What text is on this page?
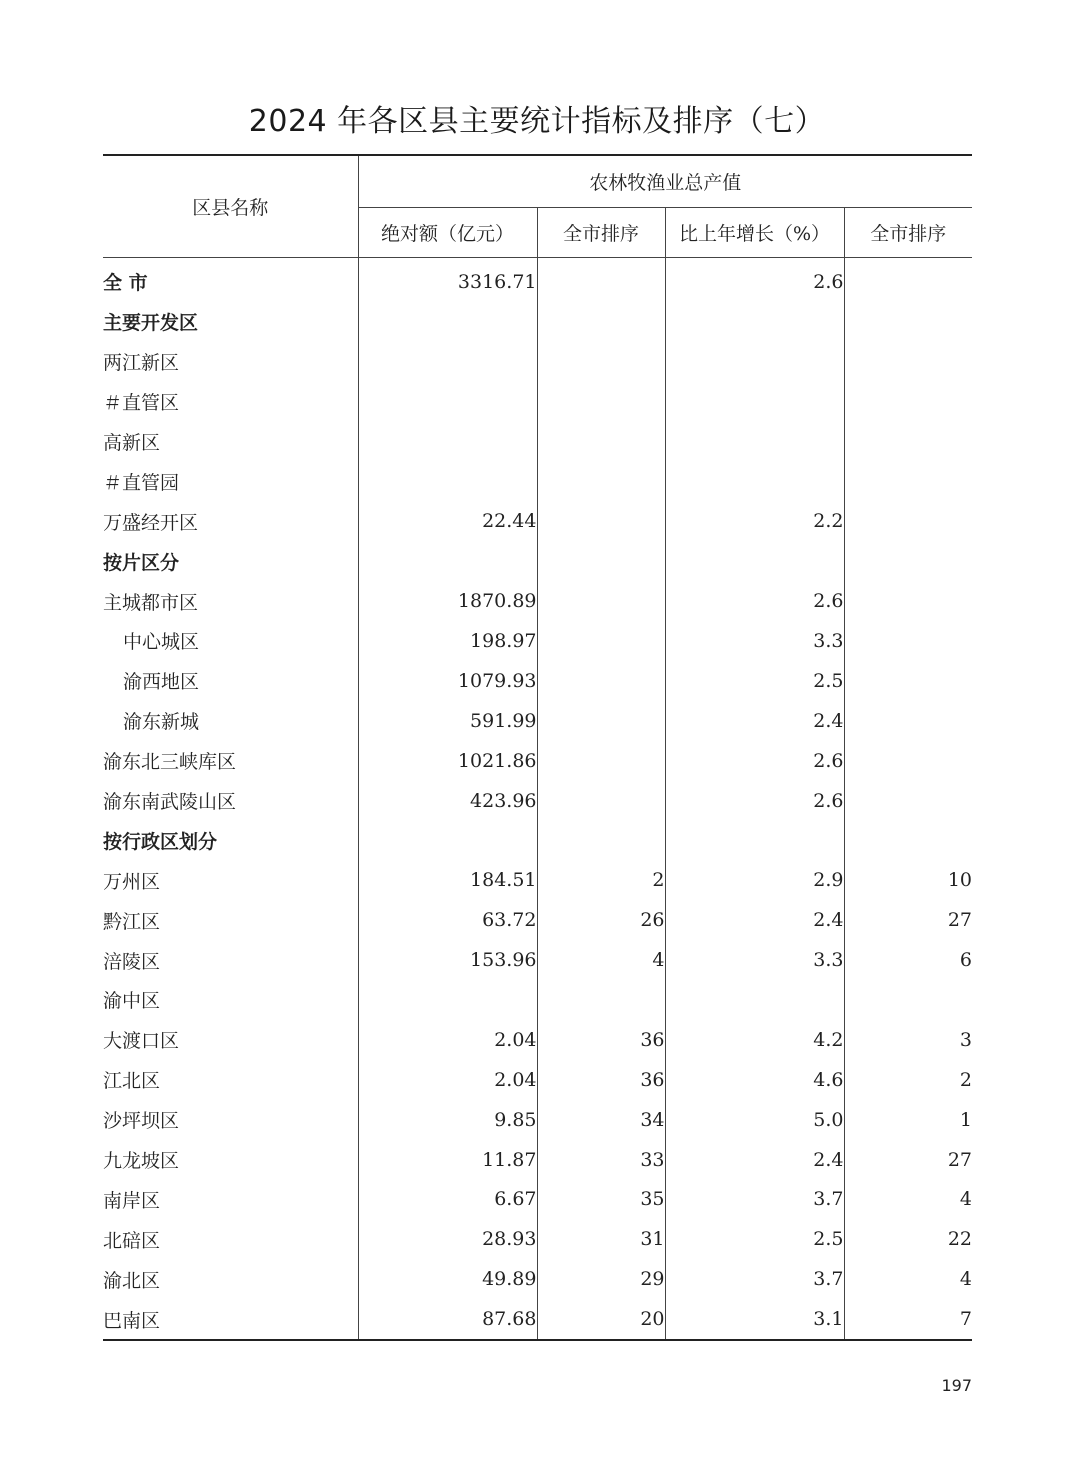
2024 年各区县主要统计指标及排序（七）
区县名称	农林牧渔业总产值			
	绝对额（亿元）	全市排序	比上年增长（%）	全市排序
全 市	3316.71		2.6	
主要开发区				
两江新区				
＃直管区				
高新区				
＃直管园				
万盛经开区	22.44		2.2	
按片区分				
主城都市区	1870.89		2.6	
中心城区	198.97		3.3	
渝西地区	1079.93		2.5	
渝东新城	591.99		2.4	
渝东北三峡库区	1021.86		2.6	
渝东南武陵山区	423.96		2.6	
按行政区划分				
万州区	184.51	2	2.9	10
黔江区	63.72	26	2.4	27
涪陵区	153.96	4	3.3	6
渝中区				
大渡口区	2.04	36	4.2	3
江北区	2.04	36	4.6	2
沙坪坝区	9.85	34	5.0	1
九龙坡区	11.87	33	2.4	27
南岸区	6.67	35	3.7	4
北碚区	28.93	31	2.5	22
渝北区	49.89	29	3.7	4
巴南区	87.68	20	3.1	7
197
